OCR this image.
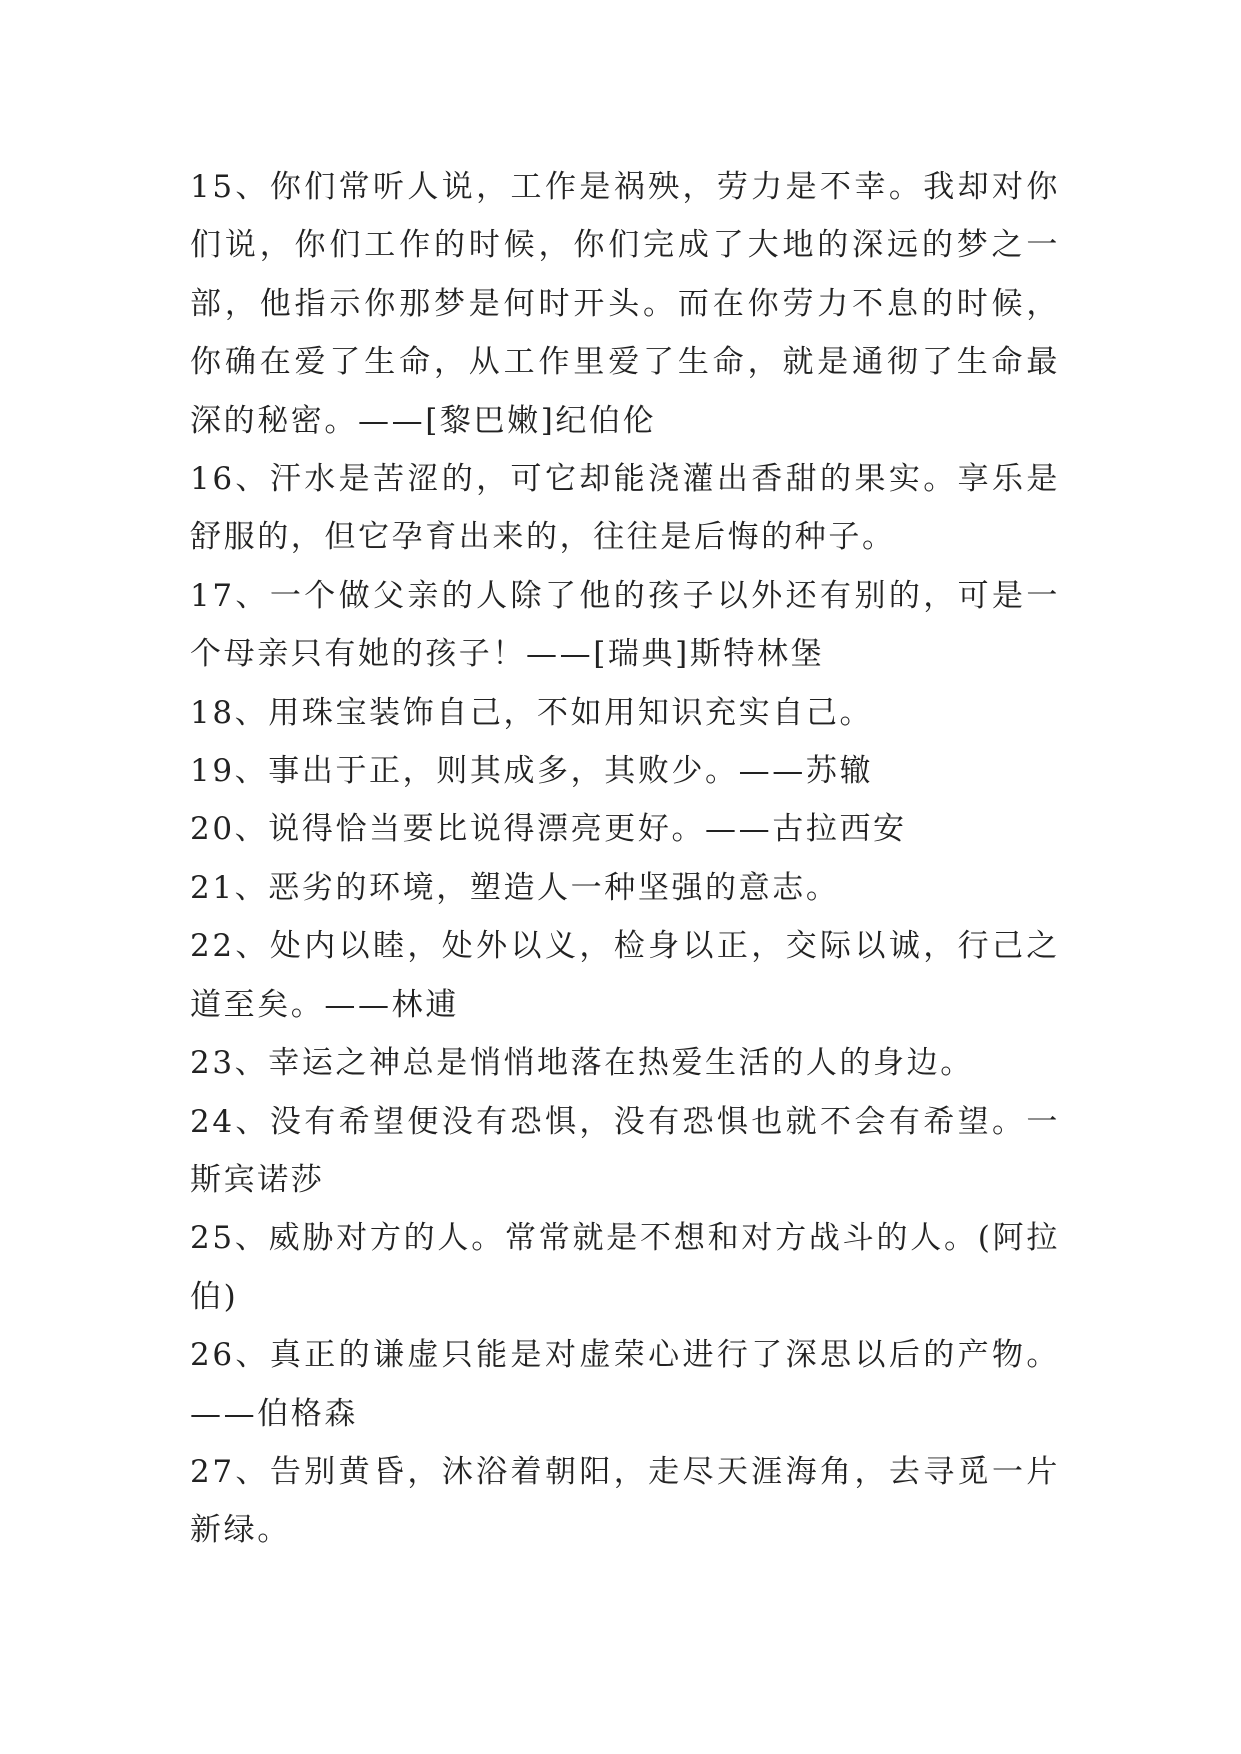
15、你们常听人说，工作是祸殃，劳力是不幸。我却对你们说，你们工作的时候，你们完成了大地的深远的梦之一部，他指示你那梦是何时开头。而在你劳力不息的时候，你确在爱了生命，从工作里爱了生命，就是通彻了生命最深的秘密。——[黎巴嫩]纪伯伦

16、汗水是苦涩的，可它却能浇灌出香甜的果实。享乐是舒服的，但它孕育出来的，往往是后悔的种子。

17、一个做父亲的人除了他的孩子以外还有别的，可是一个母亲只有她的孩子！——[瑞典]斯特林堡

18、用珠宝装饰自己，不如用知识充实自己。

19、事出于正，则其成多，其败少。——苏辙

20、说得恰当要比说得漂亮更好。——古拉西安

21、恶劣的环境，塑造人一种坚强的意志。

22、处内以睦，处外以义，检身以正，交际以诚，行己之道至矣。——林逋

23、幸运之神总是悄悄地落在热爱生活的人的身边。

24、没有希望便没有恐惧，没有恐惧也就不会有希望。一斯宾诺莎

25、威胁对方的人。常常就是不想和对方战斗的人。(阿拉伯)

26、真正的谦虚只能是对虚荣心进行了深思以后的产物。——伯格森

27、告别黄昏，沐浴着朝阳，走尽天涯海角，去寻觅一片新绿。
